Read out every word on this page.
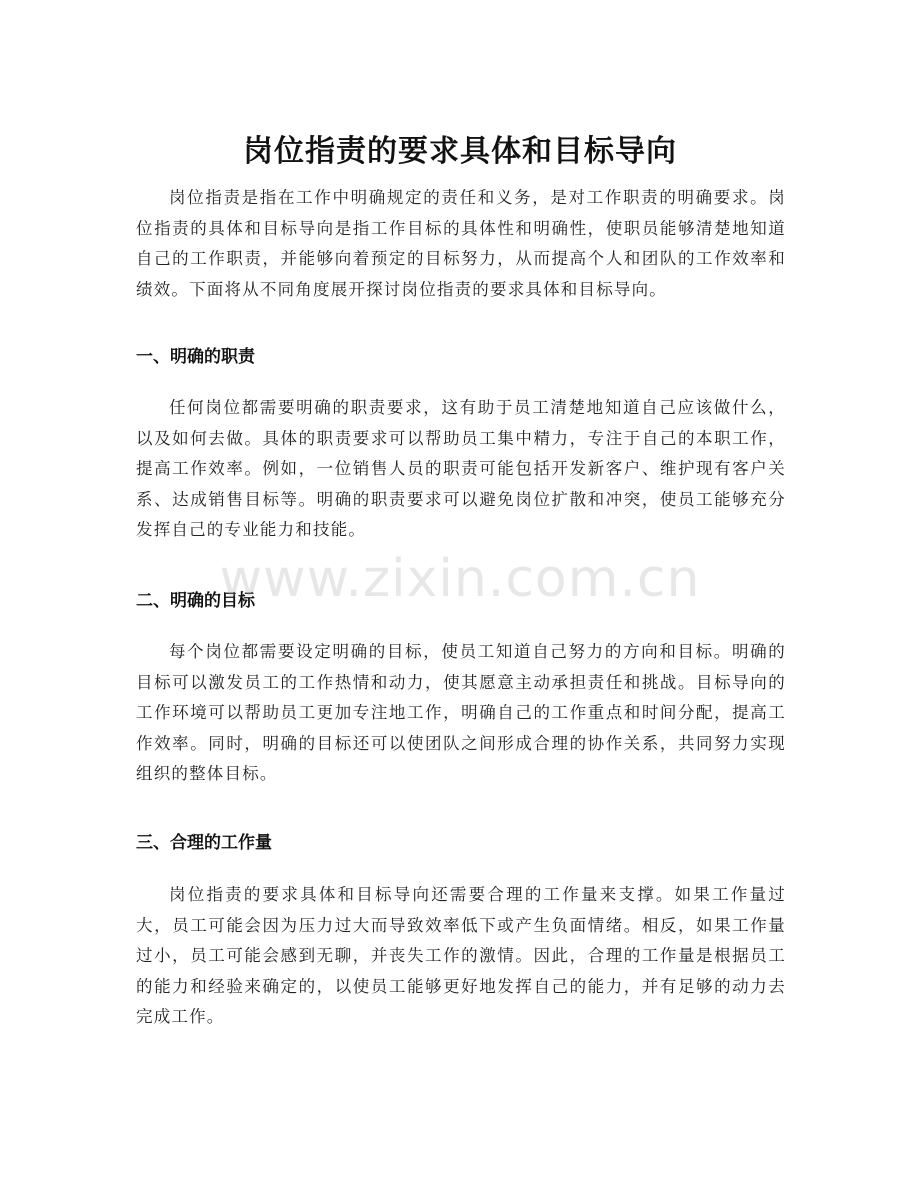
岗位指责的要求具体和目标导向

岗位指责是指在工作中明确规定的责任和义务，是对工作职责的明确要求。岗位指责的具体和目标导向是指工作目标的具体性和明确性，使职员能够清楚地知道自己的工作职责，并能够向着预定的目标努力，从而提高个人和团队的工作效率和绩效。下面将从不同角度展开探讨岗位指责的要求具体和目标导向。

一、明确的职责

任何岗位都需要明确的职责要求，这有助于员工清楚地知道自己应该做什么，以及如何去做。具体的职责要求可以帮助员工集中精力，专注于自己的本职工作，提高工作效率。例如，一位销售人员的职责可能包括开发新客户、维护现有客户关系、达成销售目标等。明确的职责要求可以避免岗位扩散和冲突，使员工能够充分发挥自己的专业能力和技能。

二、明确的目标

每个岗位都需要设定明确的目标，使员工知道自己努力的方向和目标。明确的目标可以激发员工的工作热情和动力，使其愿意主动承担责任和挑战。目标导向的工作环境可以帮助员工更加专注地工作，明确自己的工作重点和时间分配，提高工作效率。同时，明确的目标还可以使团队之间形成合理的协作关系，共同努力实现组织的整体目标。

三、合理的工作量

岗位指责的要求具体和目标导向还需要合理的工作量来支撑。如果工作量过大，员工可能会因为压力过大而导致效率低下或产生负面情绪。相反，如果工作量过小，员工可能会感到无聊，并丧失工作的激情。因此，合理的工作量是根据员工的能力和经验来确定的，以使员工能够更好地发挥自己的能力，并有足够的动力去完成工作。

www.zixin.com.cn
